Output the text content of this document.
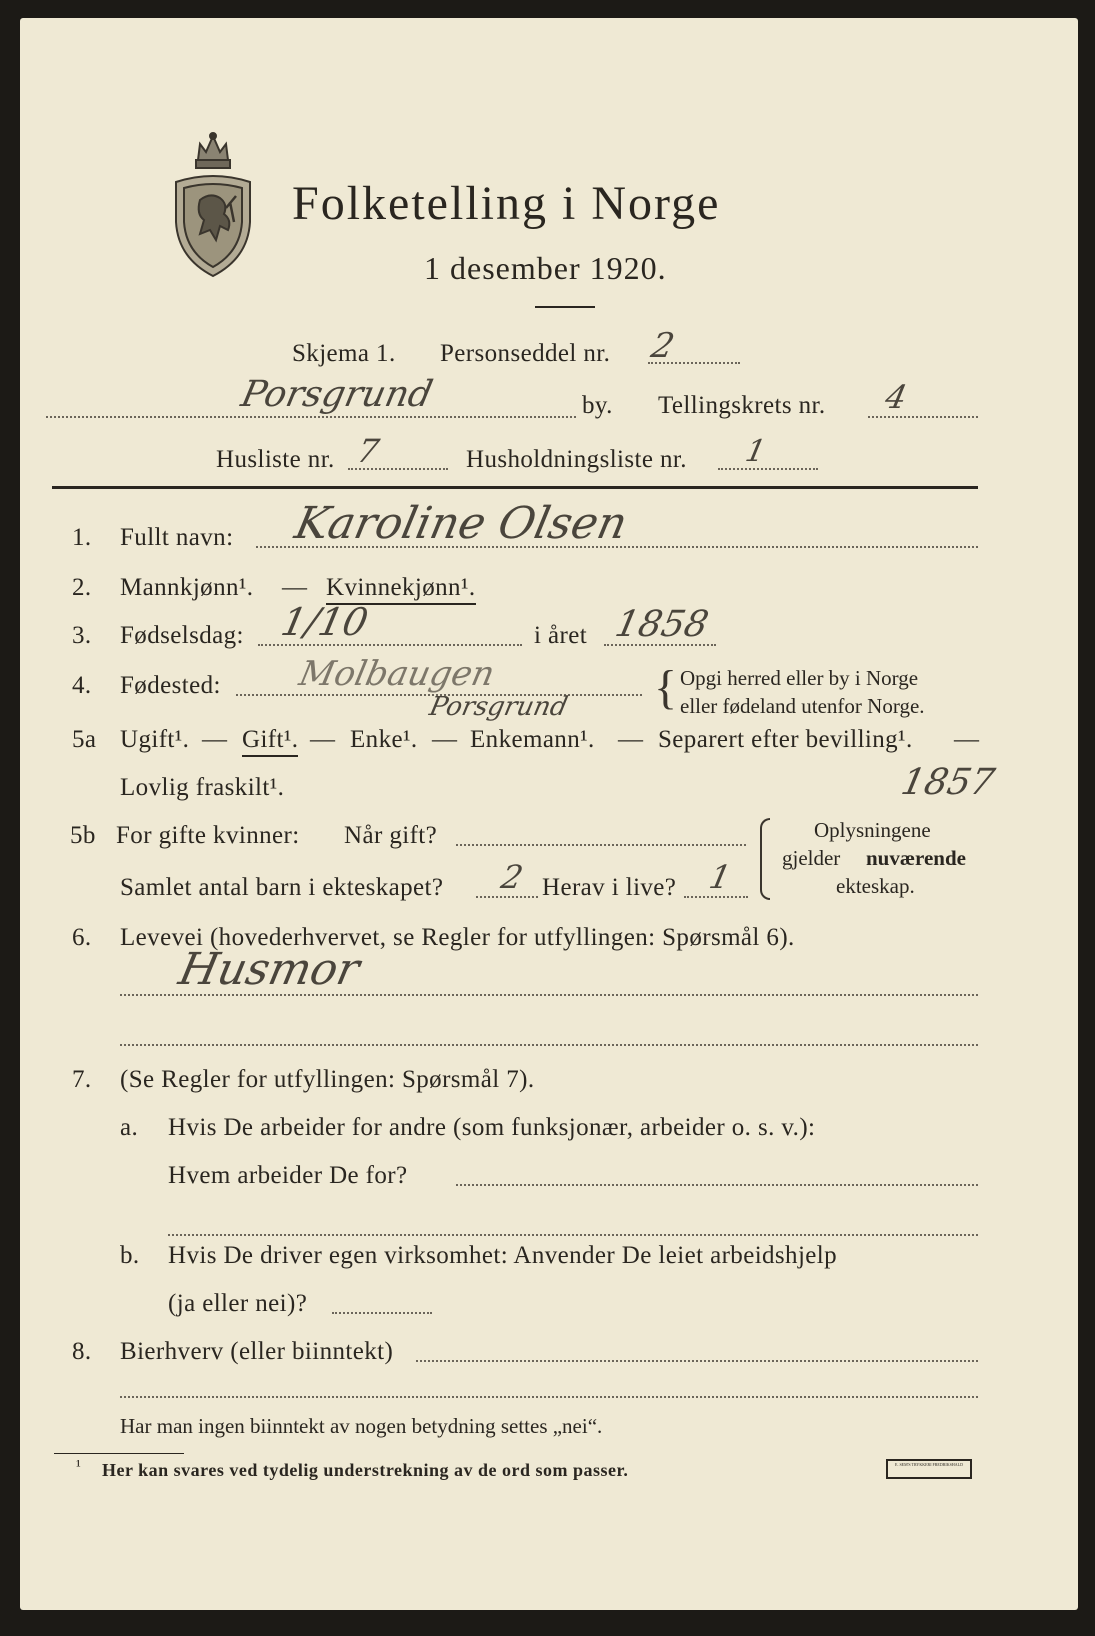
Folketelling i Norge
1 desember 1920.
Skjema 1. Personseddel nr. 2
Porsgrund	by. Tellingskrets nr. 4
Husliste nr. 7	Husholdningsliste nr. 1
1. Fullt navn: Karoline Olsen
2. Mannkjønn¹. — Kvinnekjønn¹.
3. Fødselsdag: 1/10	i året 1858
4. Fødested: Molbaugen
Porsgrund { Opgi herred eller by i Norge
eller fødeland utenfor Norge.
5a Ugift¹. — Gift¹. — Enke¹. — Enkemann¹. — Separert efter bevilling¹. —
Lovlig fraskilt¹.	1857
5b For gifte kvinner: Når gift?
Samlet antal barn i ekteskapet? 2 Herav i live? 1
Oplysningene
gjelder nuværende
ekteskap.
6. Levevei (hovederhvervet, se Regler for utfyllingen: Spørsmål 6).
Husmor
7. (Se Regler for utfyllingen: Spørsmål 7).
a. Hvis De arbeider for andre (som funksjonær, arbeider o. s. v.):
Hvem arbeider De for?
b. Hvis De driver egen virksomhet: Anvender De leiet arbeidshjelp
(ja eller nei)?
8. Bierhverv (eller biinntekt)
Har man ingen biinntekt av nogen betydning settes „nei“.
¹ Her kan svares ved tydelig understrekning av de ord som passer.	E. SEM'S TRYKKERI FREDRIKSHALD
